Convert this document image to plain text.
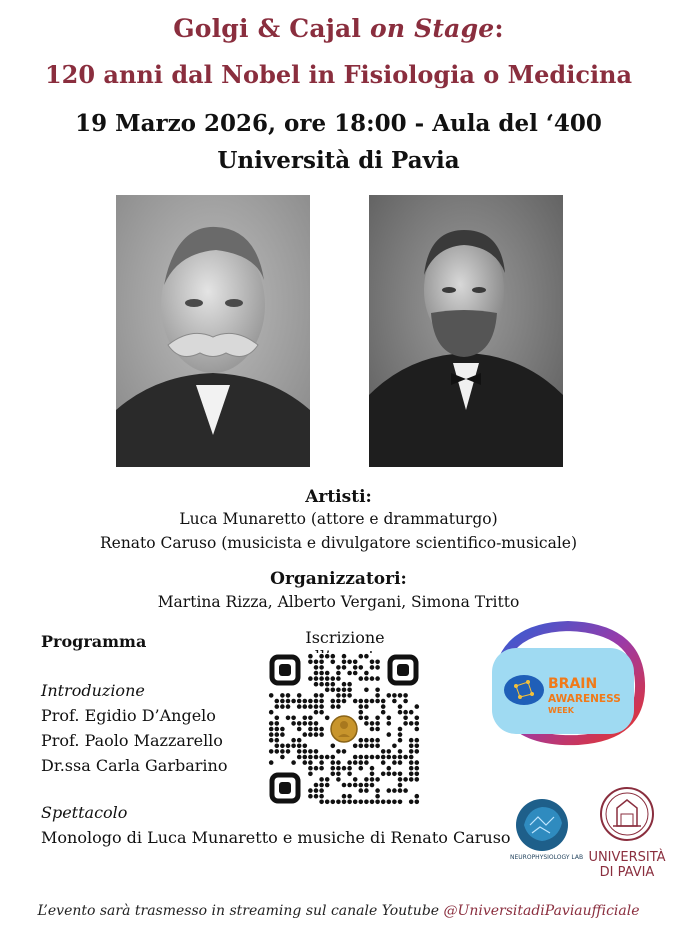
Golgi & Cajal on Stage:
120 anni dal Nobel in Fisiologia o Medicina
19 Marzo 2026, ore 18:00 - Aula del ‘400
Università di Pavia
Artisti:
Luca Munaretto (attore e drammaturgo)
Renato Caruso (musicista e divulgatore scientifico-musicale)
Organizzatori:
Martina Rizza, Alberto Vergani, Simona Tritto
Programma
Introduzione
Prof. Egidio D’Angelo
Prof. Paolo Mazzarello
Dr.ssa Carla Garbarino
Spettacolo
Monologo di Luca Munaretto e musiche di Renato Caruso
Iscrizione
BRAIN
AWARENESS
WEEK
NEUROPHYSIOLOGY LAB UNIVERSITÀ
DI PAVIA
L’evento sarà trasmesso in streaming sul canale Youtube @UniversitadiPaviaufficiale
